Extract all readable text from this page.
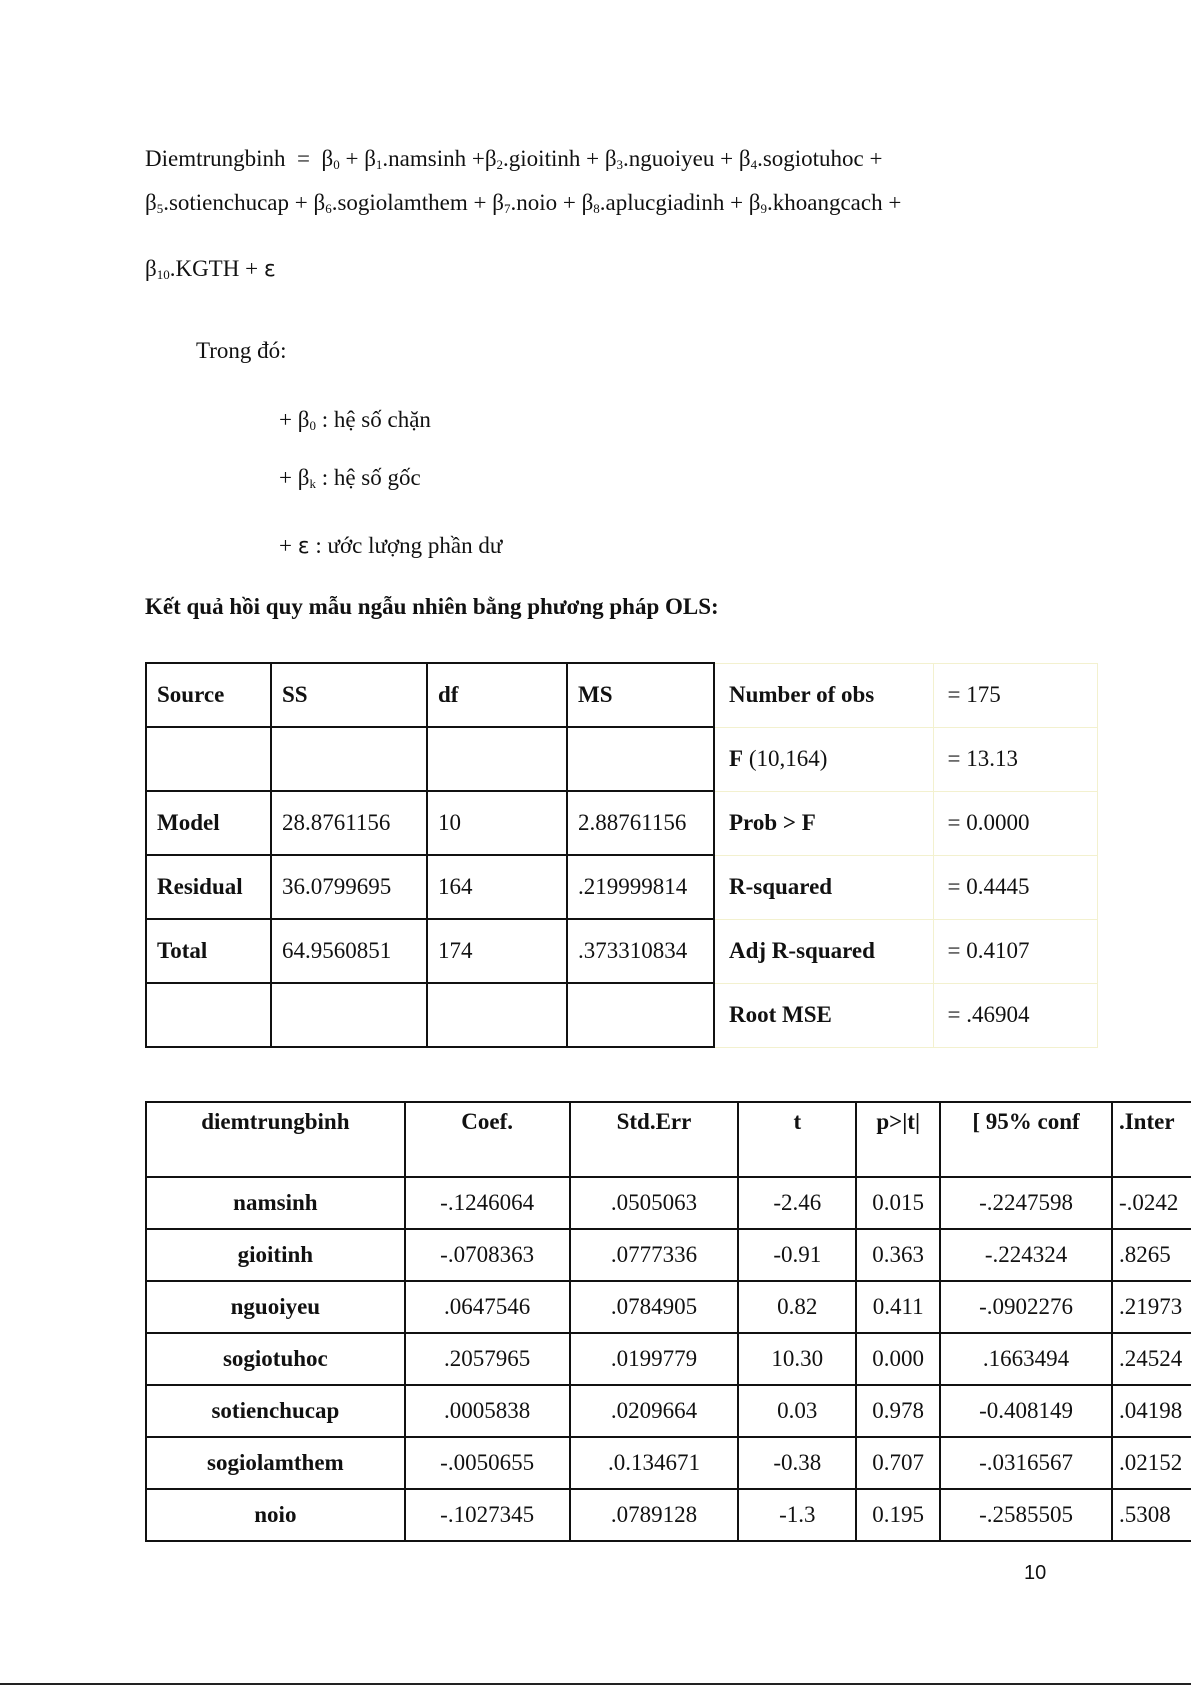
Diemtrungbinh = $\beta_0 + \beta_1.namsinh$ $+\beta_2.gioitinh$ + $\beta_3.nguoiyeu$ + $\beta_4.sogiotuhoc$ +
$\beta_5.sotienchucap$ + $\beta_6.sogiolamthem$ + $\beta_7.noio$ + $\beta_8.aplucgiadinh$ + $\beta_9.khoangcach$ +
$\beta_{10}.KGTH + \varepsilon$
Trong đó:
+ $\beta_0$ : hệ số chặn
+ $\beta_k$ : hệ số gốc
+ ε : ước lượng phần dư
Kết quả hồi quy mẫu ngẫu nhiên bằng phương pháp OLS:
Source	SS	df	MS	Number of obs	= 175
				F (10,164)	= 13.13
Model	28.8761156	10	2.88761156	Prob > F	= 0.0000
Residual	36.0799695	164	.219999814	R-squared	= 0.4445
Total	64.9560851	174	.373310834	Adj R-squared	= 0.4107
				Root MSE	= .46904
diemtrungbinh	Coef.	Std.Err	t	p>|t|	[ 95% conf	.Inter
namsinh	-.1246064	.0505063	-2.46	0.015	-.2247598	-.0242
gioitinh	-.0708363	.0777336	-0.91	0.363	-.224324	.8265
nguoiyeu	.0647546	.0784905	0.82	0.411	-.0902276	.21973
sogiotuhoc	.2057965	.0199779	10.30	0.000	.1663494	.24524
sotienchucap	.0005838	.0209664	0.03	0.978	-0.408149	.04198
sogiolamthem	-.0050655	.0.134671	-0.38	0.707	-.0316567	.02152
noio	-.1027345	.0789128	-1.3	0.195	-.2585505	.5308
10
